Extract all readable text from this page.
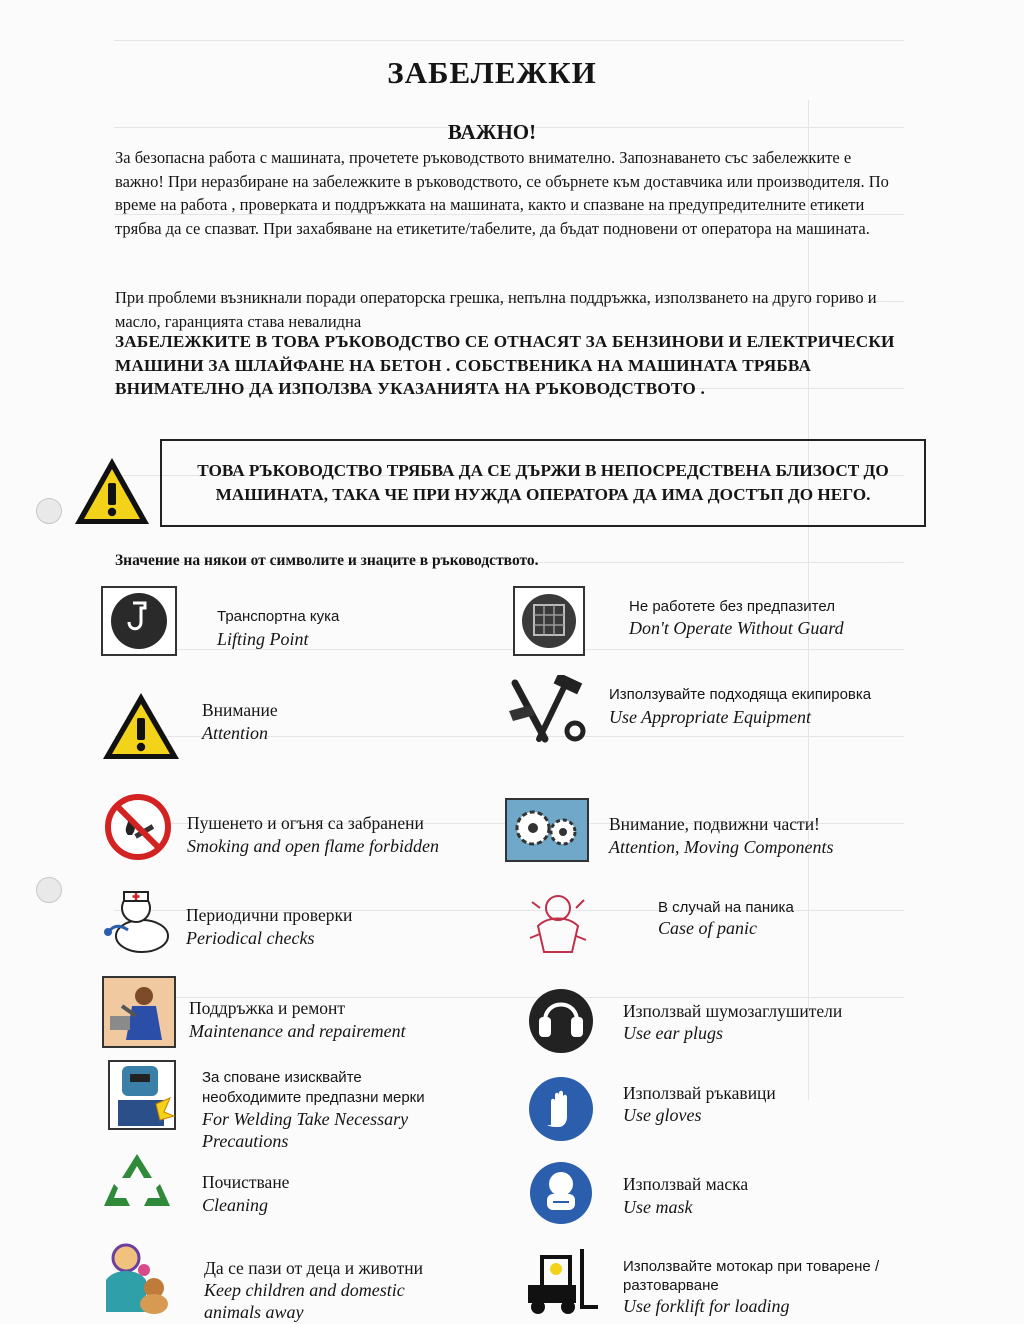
ЗАБЕЛЕЖКИ
ВАЖНО!

За безопасна работа с машината, прочетете ръководството внимателно. Запознаването със забележките е важно! При неразбиране на забележките в ръководството, се обърнете към доставчика или производителя. По време на работа , проверката и поддръжката на машината, както и спазване на предупредителните етикети трябва да се спазват. При захабяване на етикетите/табелите, да бъдат подновени от оператора на машината.

При проблеми възникнали поради операторска грешка, непълна поддръжка, използването на друго гориво и масло, гаранцията става невалидна

ЗАБЕЛЕЖКИТЕ В ТОВА РЪКОВОДСТВО СЕ ОТНАСЯТ ЗА БЕНЗИНОВИ И ЕЛЕКТРИЧЕСКИ МАШИНИ ЗА ШЛАЙФАНЕ НА БЕТОН . СОБСТВЕНИКА НА МАШИНАТА ТРЯБВА ВНИМАТЕЛНО ДА ИЗПОЛЗВА УКАЗАНИЯТА НА РЪКОВОДСТВОТО .

ТОВА РЪКОВОДСТВО ТРЯБВА ДА СЕ ДЪРЖИ В НЕПОСРЕДСТВЕНА БЛИЗОСТ ДО МАШИНАТА, ТАКА ЧЕ ПРИ НУЖДА ОПЕРАТОРА ДА ИМА ДОСТЪП ДО НЕГО.

Значение на някои от символите и знаците в ръководството.

Транспортна кука
Lifting Point
Внимание
Attention
Пушенето и огъня са забранени
Smoking and open flame forbidden
Периодични проверки
Periodical checks
Поддръжка и ремонт
Maintenance and repairement
За споване изисквайте
необходимите предпазни мерки
For Welding Take Necessary
Precautions
Почистване
Cleaning
Да се пази от деца и животни
Keep children and domestic
animals away
Не работете без предпазител
Don't Operate Without Guard
Използувайте подходяща екипировка
Use Appropriate Equipment
Внимание, подвижни части!
Attention, Moving Components
В случай на паника
Case of panic
Използвай шумозаглушители
Use ear plugs
Използвай ръкавици
Use gloves
Използвай маска
Use mask
Използвайте мотокар при товарене /
разтоварване
Use forklift for loading
